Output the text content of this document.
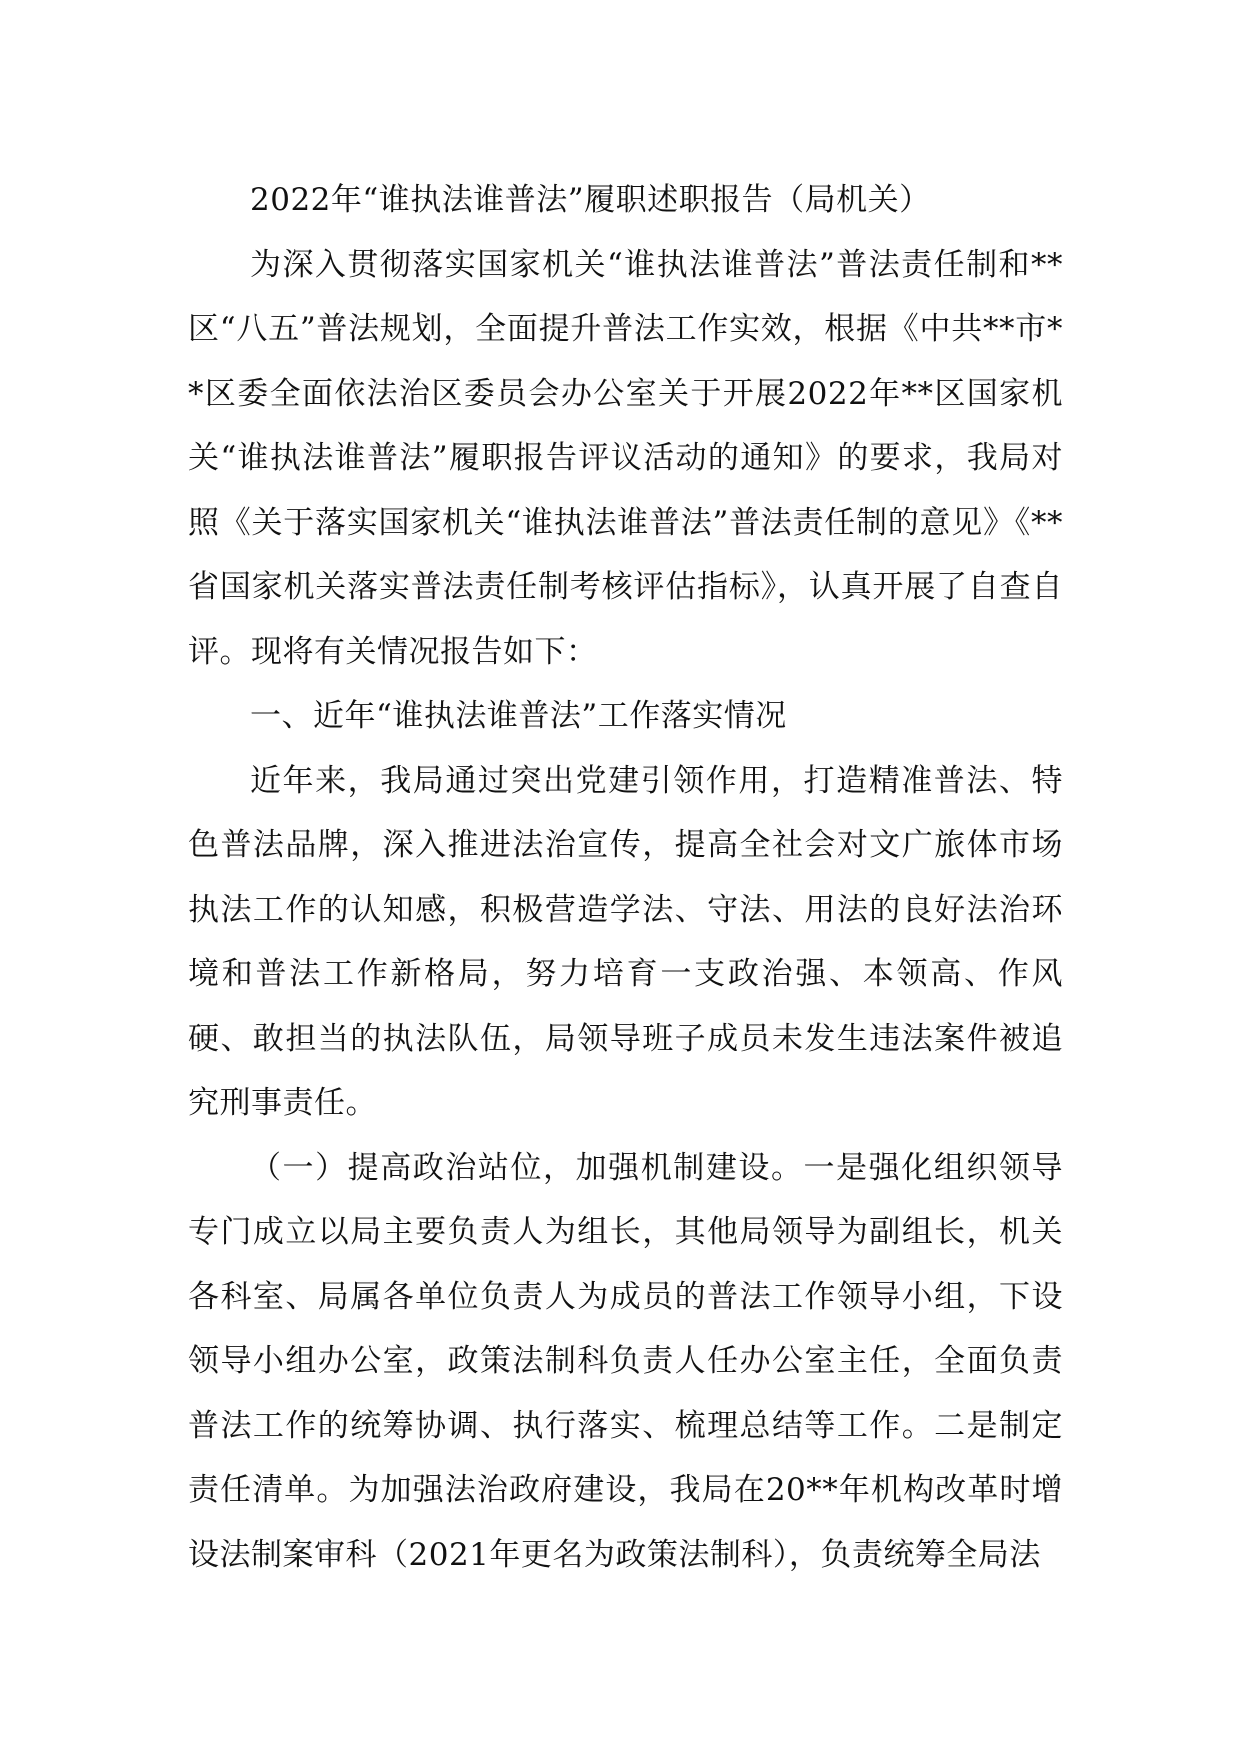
2022年“谁执法谁普法”履职述职报告（局机关）

为深入贯彻落实国家机关“谁执法谁普法”普法责任制和**区“八五”普法规划，全面提升普法工作实效，根据《中共**市**区委全面依法治区委员会办公室关于开展2022年**区国家机关“谁执法谁普法”履职报告评议活动的通知》的要求，我局对照《关于落实国家机关“谁执法谁普法”普法责任制的意见》《**省国家机关落实普法责任制考核评估指标》，认真开展了自查自评。现将有关情况报告如下：

一、近年“谁执法谁普法”工作落实情况

近年来，我局通过突出党建引领作用，打造精准普法、特色普法品牌，深入推进法治宣传，提高全社会对文广旅体市场执法工作的认知感，积极营造学法、守法、用法的良好法治环境和普法工作新格局，努力培育一支政治强、本领高、作风硬、敢担当的执法队伍，局领导班子成员未发生违法案件被追究刑事责任。

（一）提高政治站位，加强机制建设。一是强化组织领导专门成立以局主要负责人为组长，其他局领导为副组长，机关各科室、局属各单位负责人为成员的普法工作领导小组，下设领导小组办公室，政策法制科负责人任办公室主任，全面负责普法工作的统筹协调、执行落实、梳理总结等工作。二是制定责任清单。为加强法治政府建设，我局在20**年机构改革时增设法制案审科（2021年更名为政策法制科），负责统筹全局法
